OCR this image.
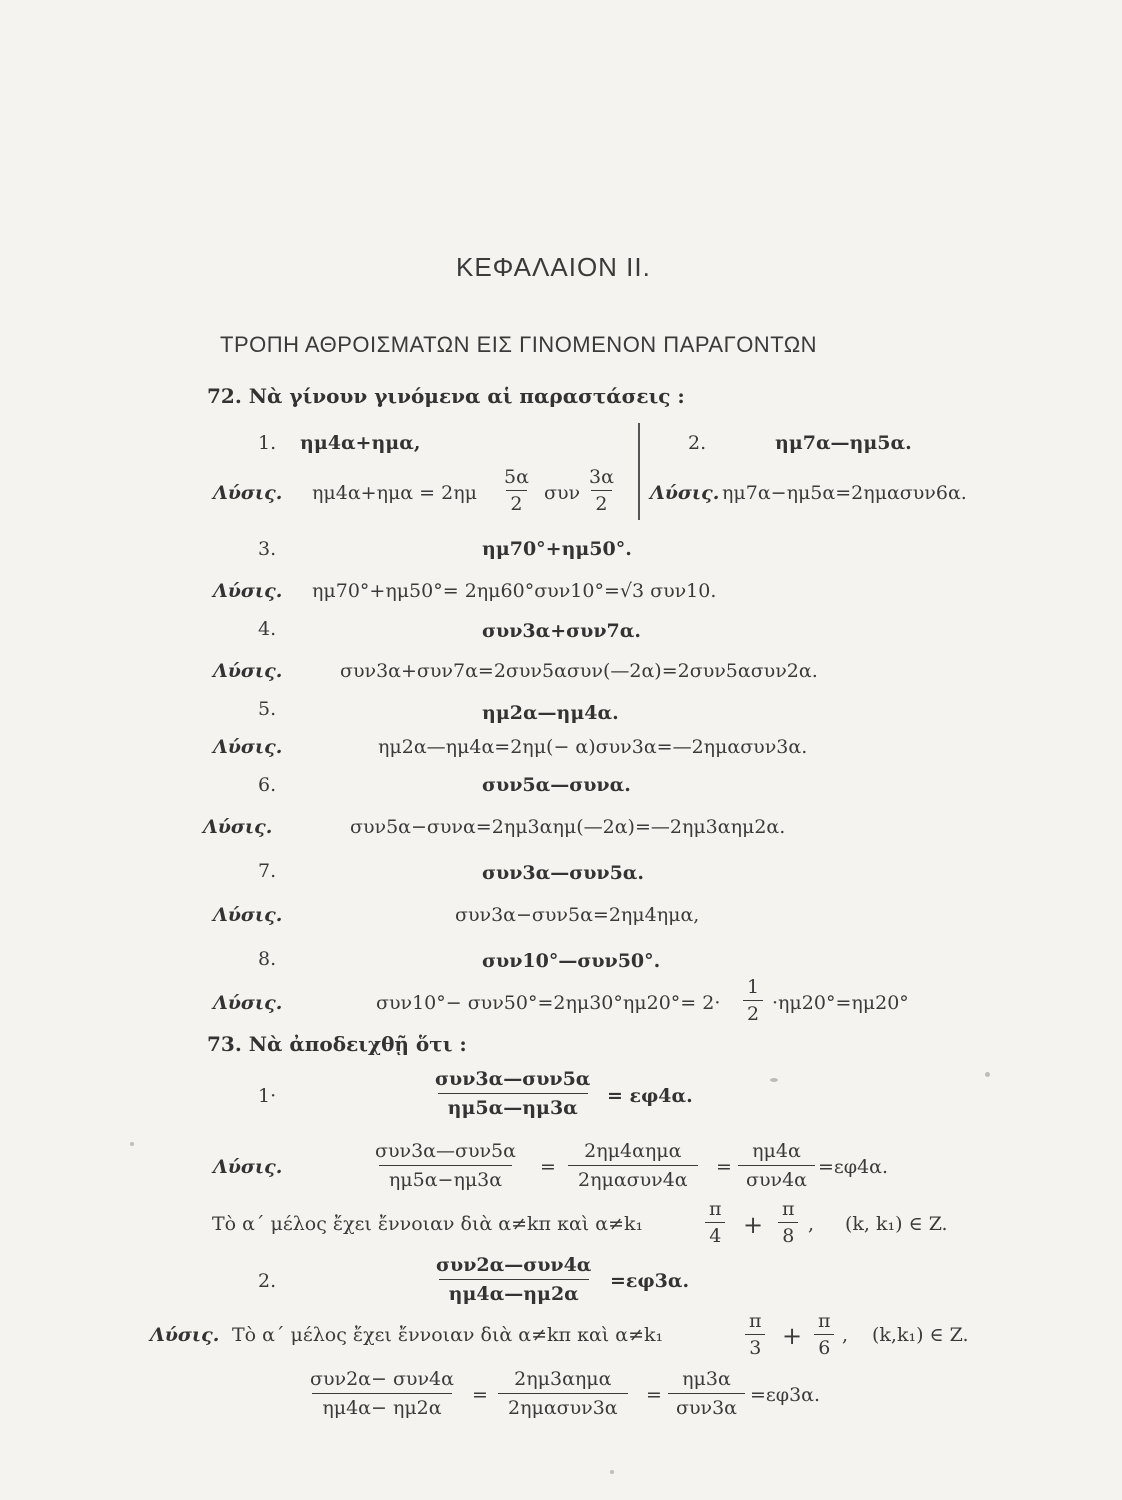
ΚΕΦΑΛΑΙΟΝ ΙΙ.
ΤΡΟΠΗ ΑΘΡΟΙΣΜΑΤΩΝ ΕΙΣ ΓΙΝΟΜΕΝΟΝ ΠΑΡΑΓΟΝΤΩΝ
72. Νὰ γίνουν γινόμενα αἱ παραστάσεις :
1. ημ4α+ημα,	2.	ημ7α—ημ5α.
Λύσις. $\eta\mu 4\alpha+\eta\mu\alpha = 2\eta\mu \frac{5\alpha}{2}$ συν $\frac{3\alpha}{2} \Lambda ύ\sigma\iota\varsigma$. ημ7α−ημ5α=2ημασυν6α.
3.	ημ70°+ημ50°.
Λύσις. ημ70°+ημ50°= 2ημ60°συν10°=√3 συν10.
4.	συν3α+συν7α.
Λύσις.	συν3α+συν7α=2συν5ασυν(—2α)=2συν5ασυν2α.
5.	ημ2α—ημ4α.
Λύσις.	ημ2α—ημ4α=2ημ(− α)συν3α=—2ημασυν3α.
6.	συν5α—συνα.
Λύσις.	συν5α−συνα=2ημ3αημ(—2α)=—2ημ3αημ2α.
7.	συν3α—συν5α.
Λύσις.	συν3α−συν5α=2ημ4ημα,
8.	συν10°—συν50°.
Λύσις.	$\sigma\upsilon\nu 10^\circ- \sigma\upsilon\nu 50^\circ=2\eta\mu 30^\circ\eta\mu 20^\circ= 2\cdot \frac{1}{2} \cdot\eta\mu 20^\circ=\eta\mu 20^\circ$
73. Νὰ ἀποδειχθῇ ὅτι :
1·
συν3α—συν5α
ημ5α—ημ3α
= εφ4α.
Λύσις.
συν3α—συν5α
ημ5α−ημ3α
=
2ημ4αημα
2ημασυν4α
=
ημ4α
συν4α
=εφ4α.
Τὸ α΄ μέλος ἔχει ἔννοιαν διὰ α≠kπ καὶ α≠k₁	$\frac{\pi}{4} + \frac{\pi}{8}$ , (k, k₁) ∈ Z.
2.
συν2α—συν4α
ημ4α—ημ2α
=εφ3α.
Λύσις. Τὸ α΄ μέλος ἔχει ἔννοιαν διὰ α≠kπ καὶ α≠k₁	$\frac{\pi}{3} + \frac{\pi}{6}$ , (k,k₁) ∈ Z.
συν2α− συν4α
ημ4α− ημ2α
=
2ημ3αημα
2ημασυν3α
=
ημ3α
συν3α
=εφ3α.
